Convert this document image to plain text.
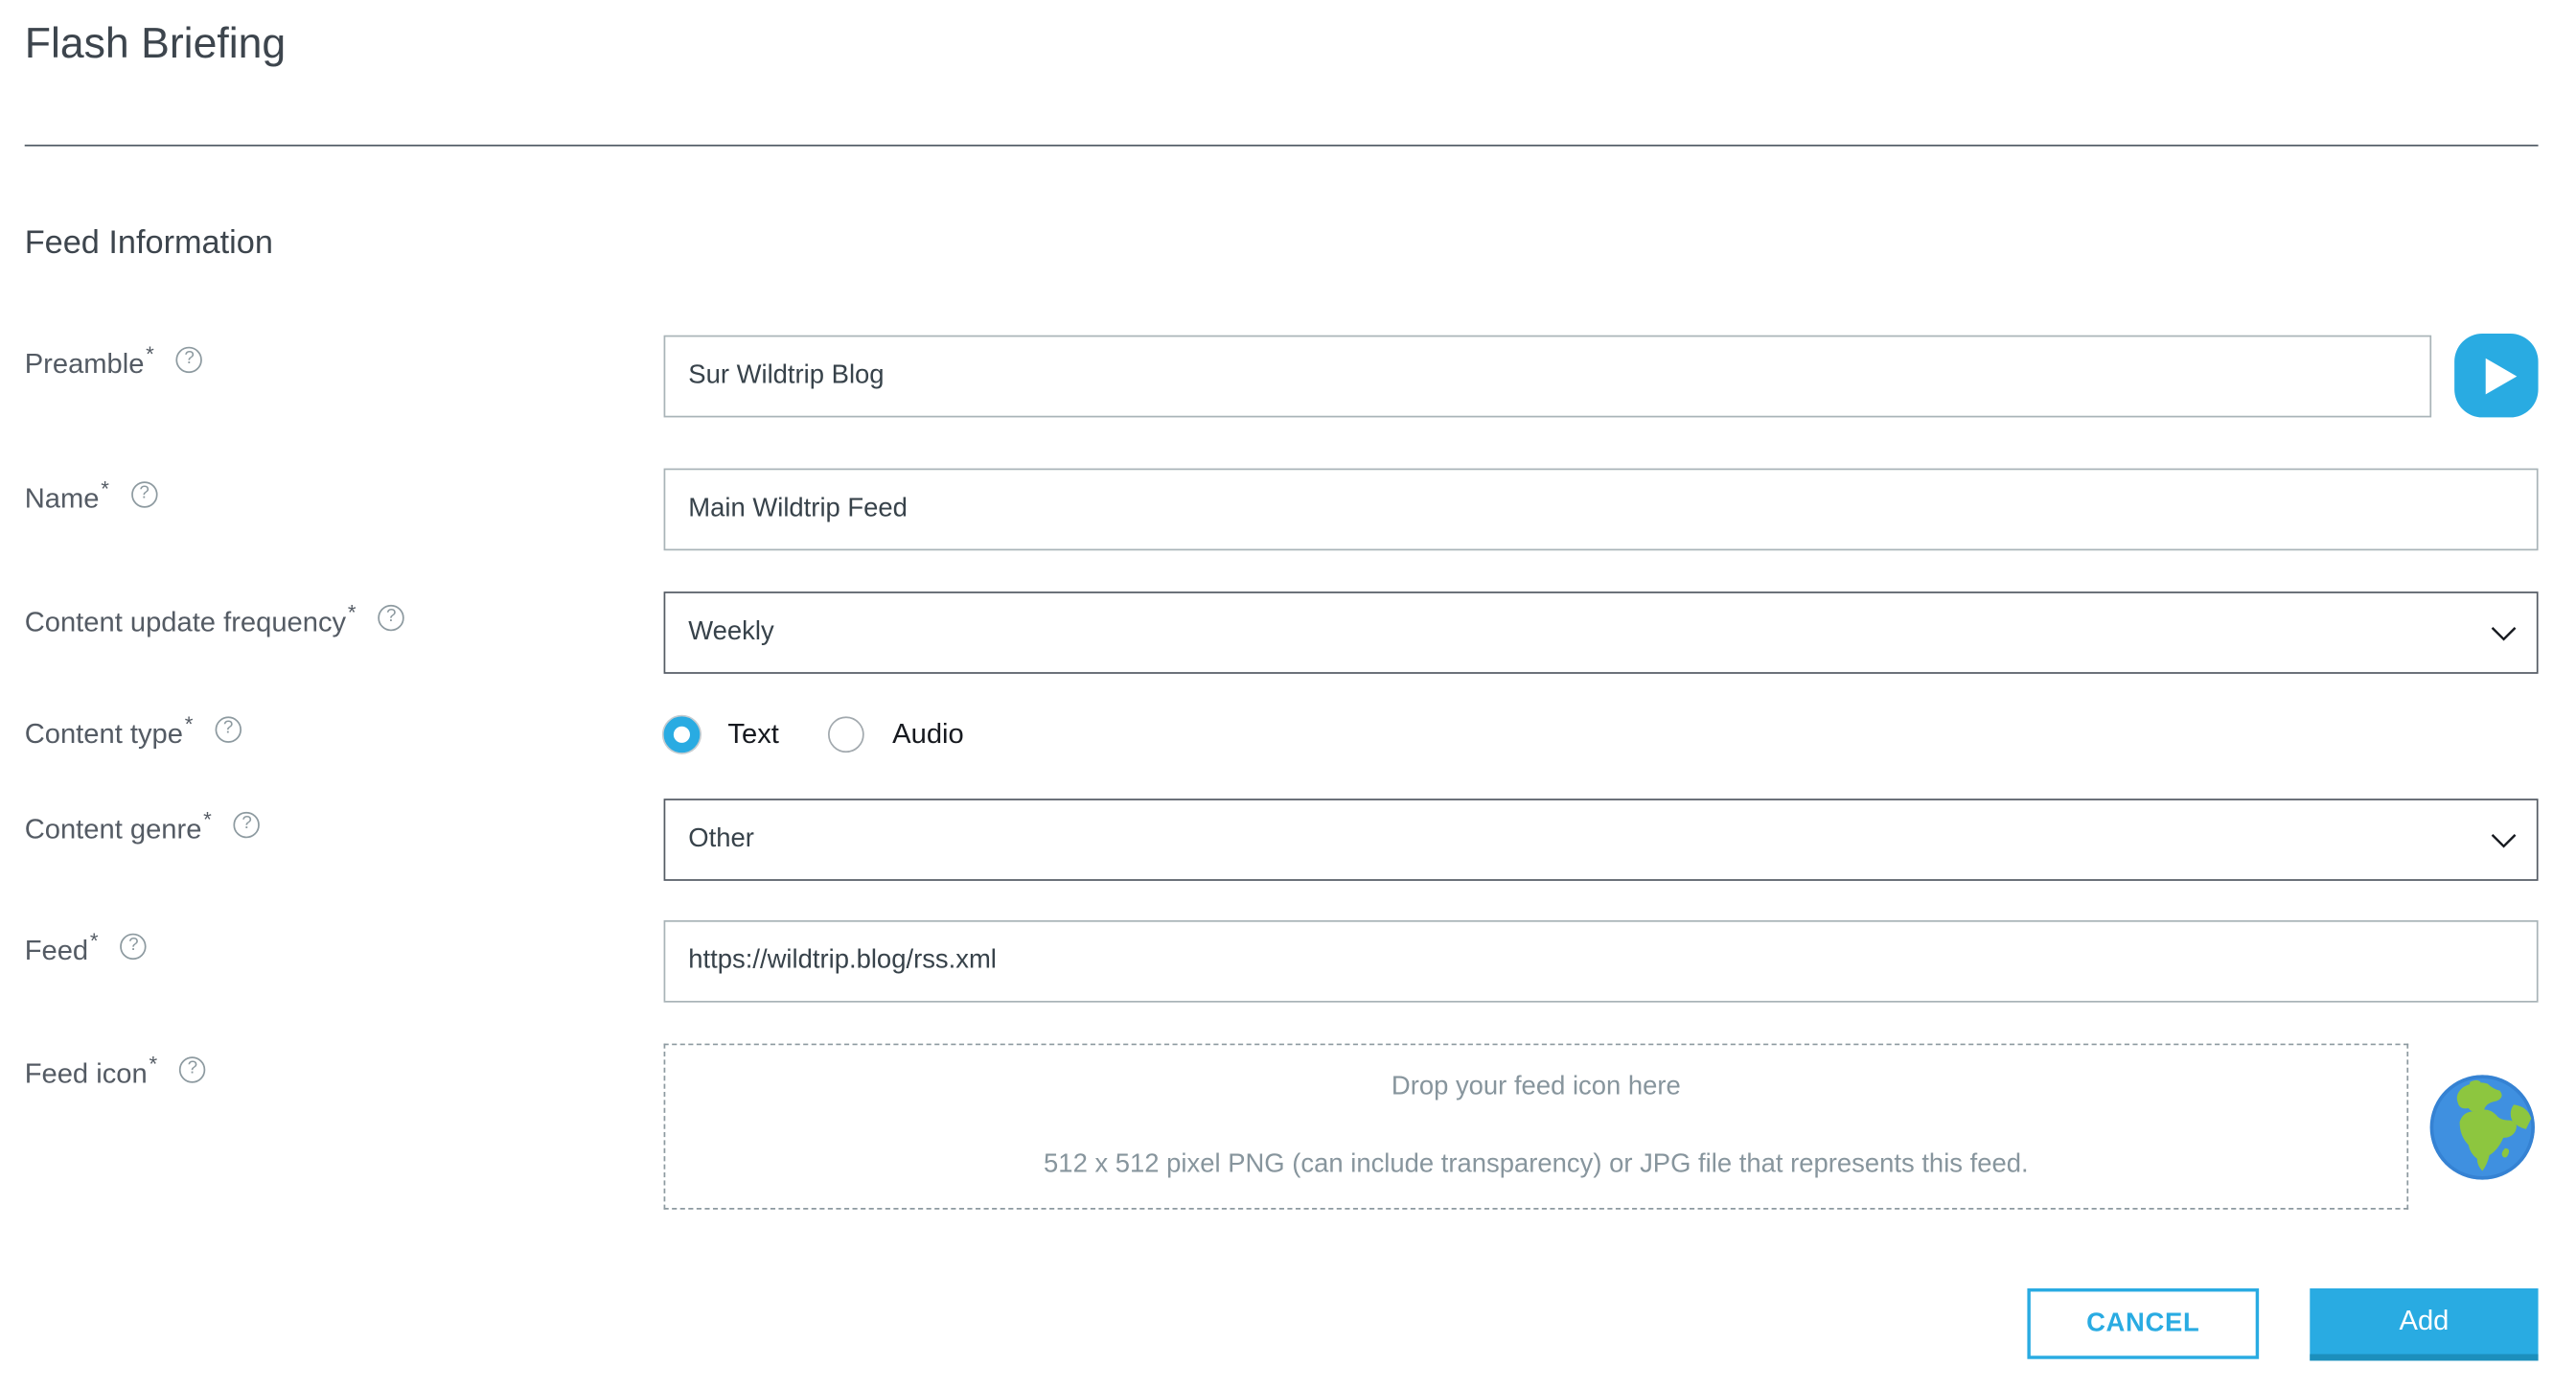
Flash Briefing
Feed Information
Preamble *	?
Sur Wildtrip Blog
Name *	?
Main Wildtrip Feed
Content update frequency *	?
Weekly
Content type *	?	Text	Audio
Content genre *	?
Other
Feed *	?
https://wildtrip.blog/rss.xml
Feed icon *	?
Drop your feed icon here
512 x 512 pixel PNG (can include transparency) or JPG file that represents this feed.
CANCEL	Add
